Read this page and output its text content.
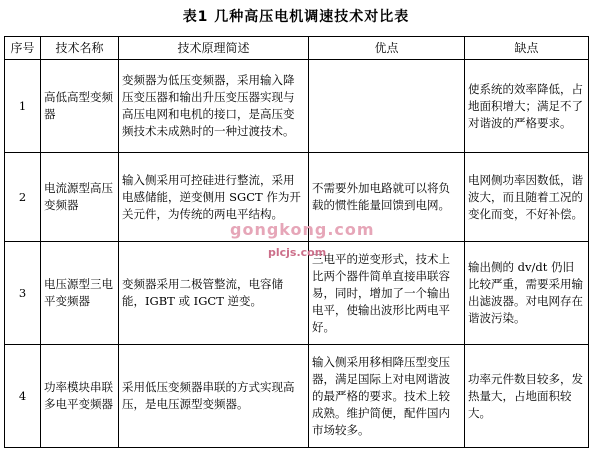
表1 几种高压电机调速技术对比表
序号	技术名称	技术原理简述	优点	缺点
1	高低高型变频器	变频器为低压变频器，采用输入降压变压器和输出升压变压器实现与高压电网和电机的接口，是高压变频技术未成熟时的一种过渡技术。		使系统的效率降低，占地面积增大；满足不了对谐波的严格要求。
2	电流源型高压变频器	输入侧采用可控硅进行整流，采用电感储能，逆变侧用 SGCT 作为开关元件，为传统的两电平结构。	不需要外加电路就可以将负载的惯性能量回馈到电网。	电网侧功率因数低，谐波大，而且随着工况的变化而变，不好补偿。
3	电压源型三电平变频器	变频器采用二极管整流，电容储能，IGBT 或 IGCT 逆变。	三电平的逆变形式，技术上比两个器件简单直接串联容易，同时，增加了一个输出电平，使输出波形比两电平好。	输出侧的 dv/dt 仍旧比较严重，需要采用输出滤波器。对电网存在谐波污染。
4	功率模块串联多电平变频器	采用低压变频器串联的方式实现高压，是电压源型变频器。	输入侧采用移相降压型变压器，满足国际上对电网谐波的最严格的要求。技术上较成熟。维护简便，配件国内市场较多。	功率元件数目较多，发热量大，占地面积较大。
gongkong.com
plcjs.com
